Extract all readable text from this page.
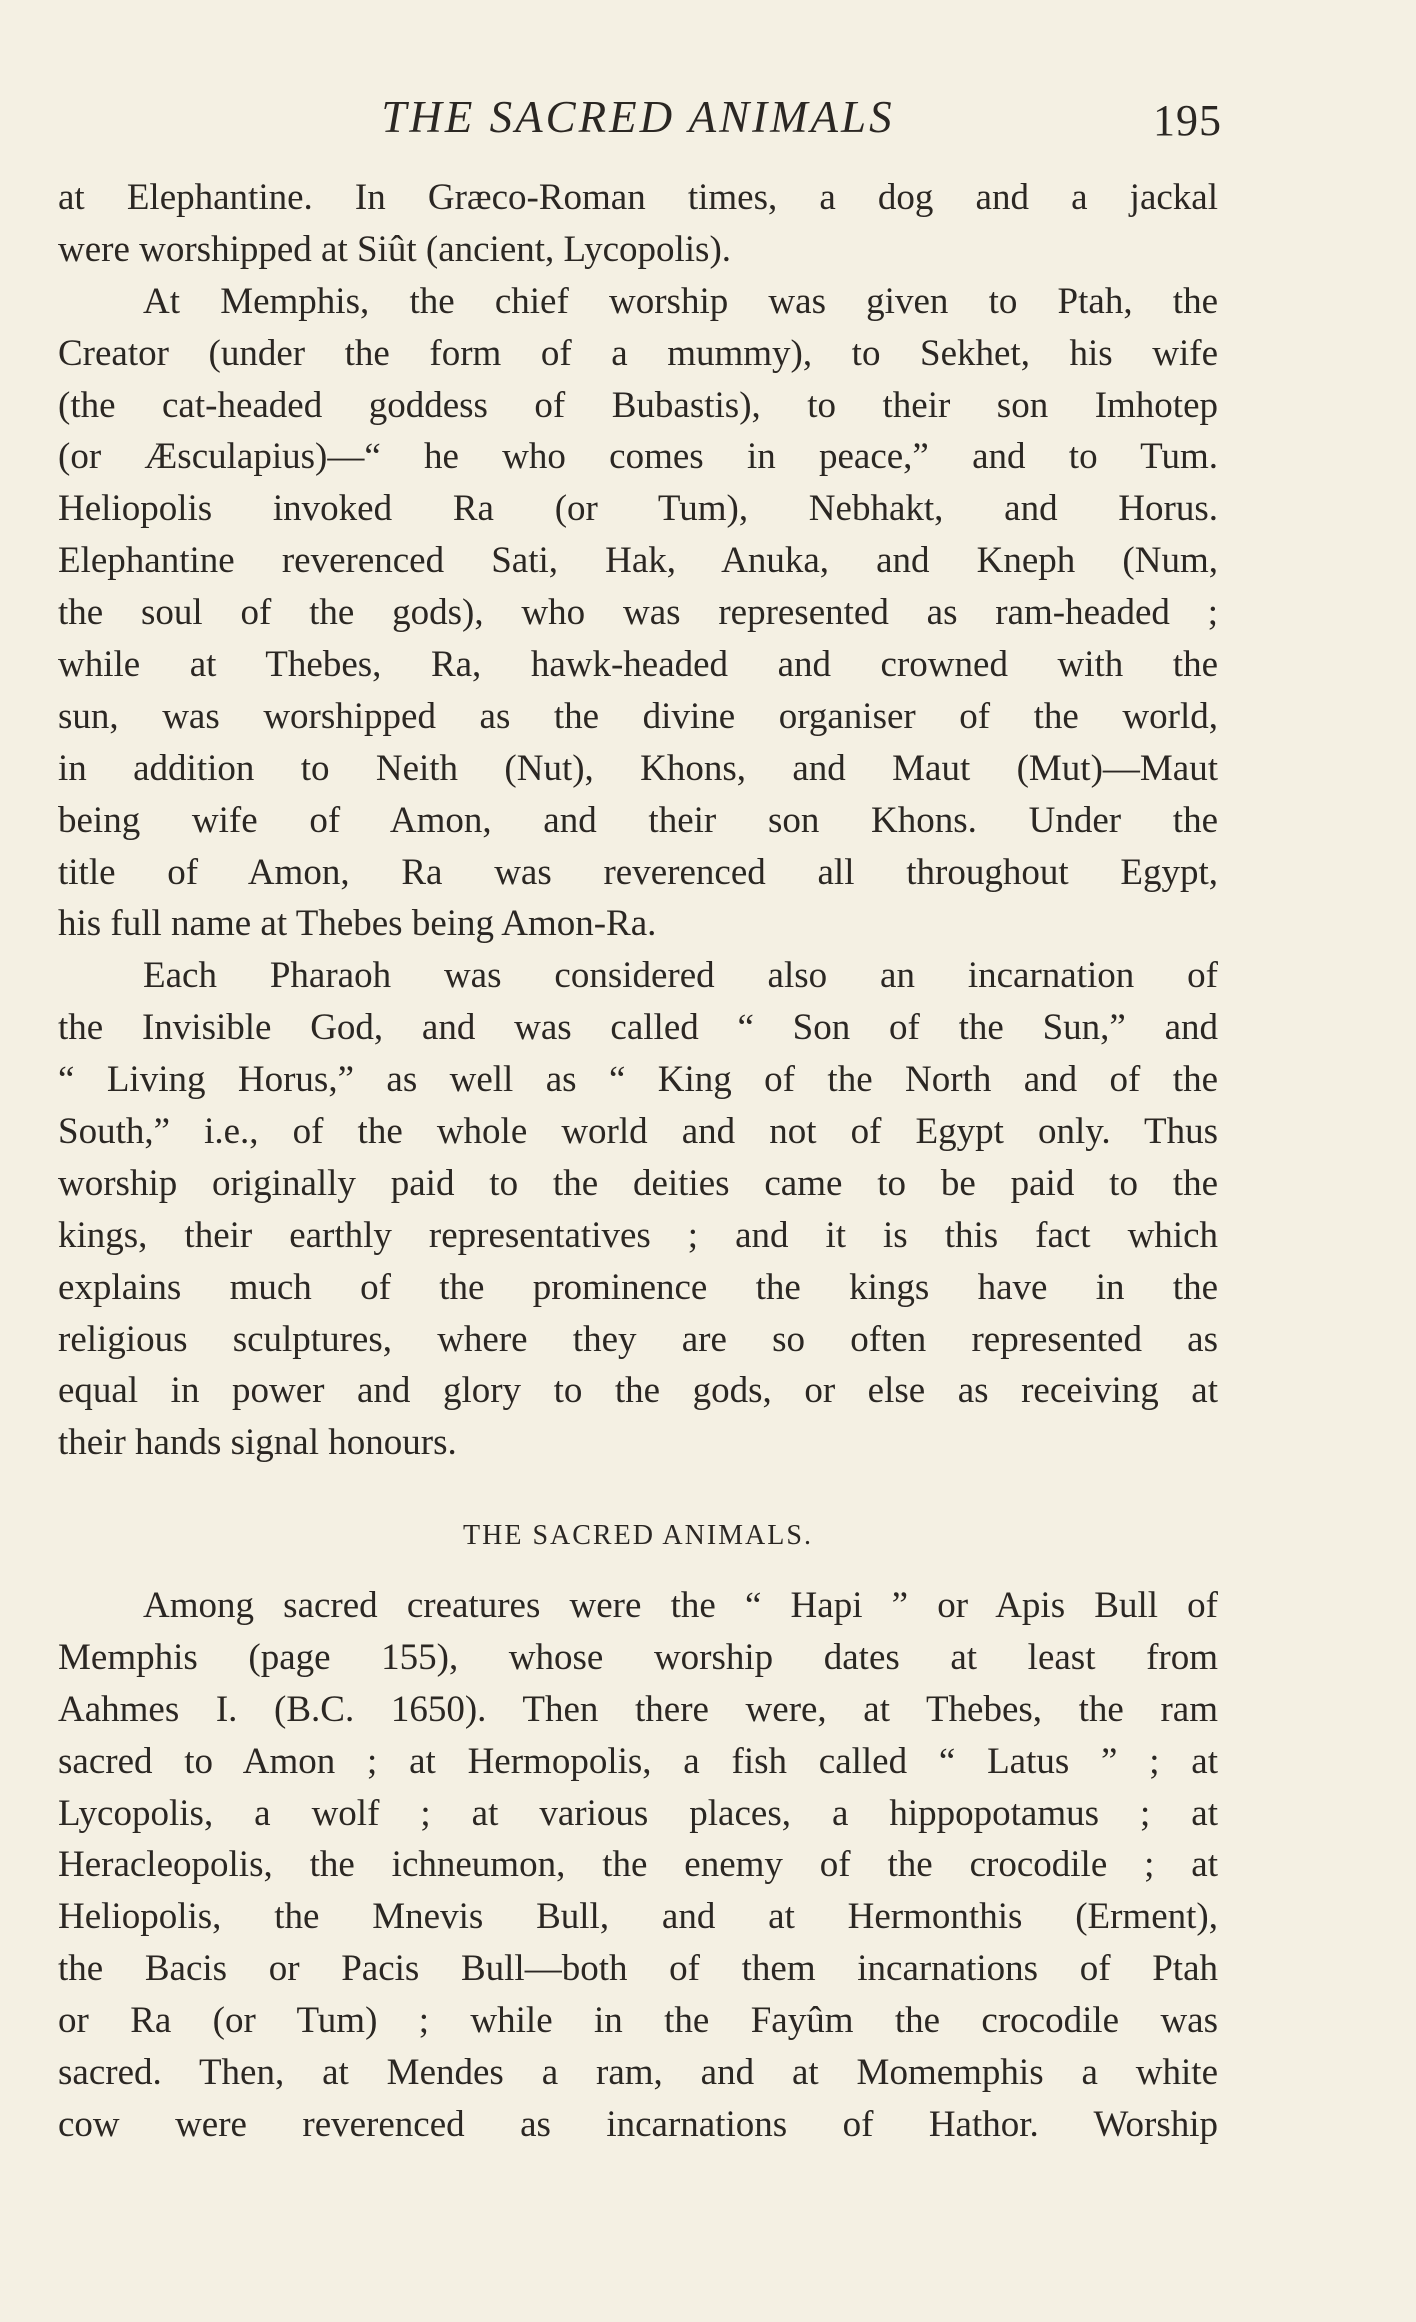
THE SACRED ANIMALS	195
at Elephantine. In Græco-Roman times, a dog and a jackal
were worshipped at Siût (ancient, Lycopolis).
At Memphis, the chief worship was given to Ptah, the
Creator (under the form of a mummy), to Sekhet, his wife
(the cat-headed goddess of Bubastis), to their son Imhotep
(or Æsculapius)—“ he who comes in peace,” and to Tum.
Heliopolis invoked Ra (or Tum), Nebhakt, and Horus.
Elephantine reverenced Sati, Hak, Anuka, and Kneph (Num,
the soul of the gods), who was represented as ram-headed ;
while at Thebes, Ra, hawk-headed and crowned with the
sun, was worshipped as the divine organiser of the world,
in addition to Neith (Nut), Khons, and Maut (Mut)—Maut
being wife of Amon, and their son Khons. Under the
title of Amon, Ra was reverenced all throughout Egypt,
his full name at Thebes being Amon-Ra.
Each Pharaoh was considered also an incarnation of
the Invisible God, and was called “ Son of the Sun,” and
“ Living Horus,” as well as “ King of the North and of the
South,” i.e., of the whole world and not of Egypt only. Thus
worship originally paid to the deities came to be paid to the
kings, their earthly representatives ; and it is this fact which
explains much of the prominence the kings have in the
religious sculptures, where they are so often represented as
equal in power and glory to the gods, or else as receiving at
their hands signal honours.
THE SACRED ANIMALS.
Among sacred creatures were the “ Hapi ” or Apis Bull of
Memphis (page 155), whose worship dates at least from
Aahmes I. (B.C. 1650). Then there were, at Thebes, the ram
sacred to Amon ; at Hermopolis, a fish called “ Latus ” ; at
Lycopolis, a wolf ; at various places, a hippopotamus ; at
Heracleopolis, the ichneumon, the enemy of the crocodile ; at
Heliopolis, the Mnevis Bull, and at Hermonthis (Erment),
the Bacis or Pacis Bull—both of them incarnations of Ptah
or Ra (or Tum) ; while in the Fayûm the crocodile was
sacred. Then, at Mendes a ram, and at Momemphis a white
cow were reverenced as incarnations of Hathor. Worship
